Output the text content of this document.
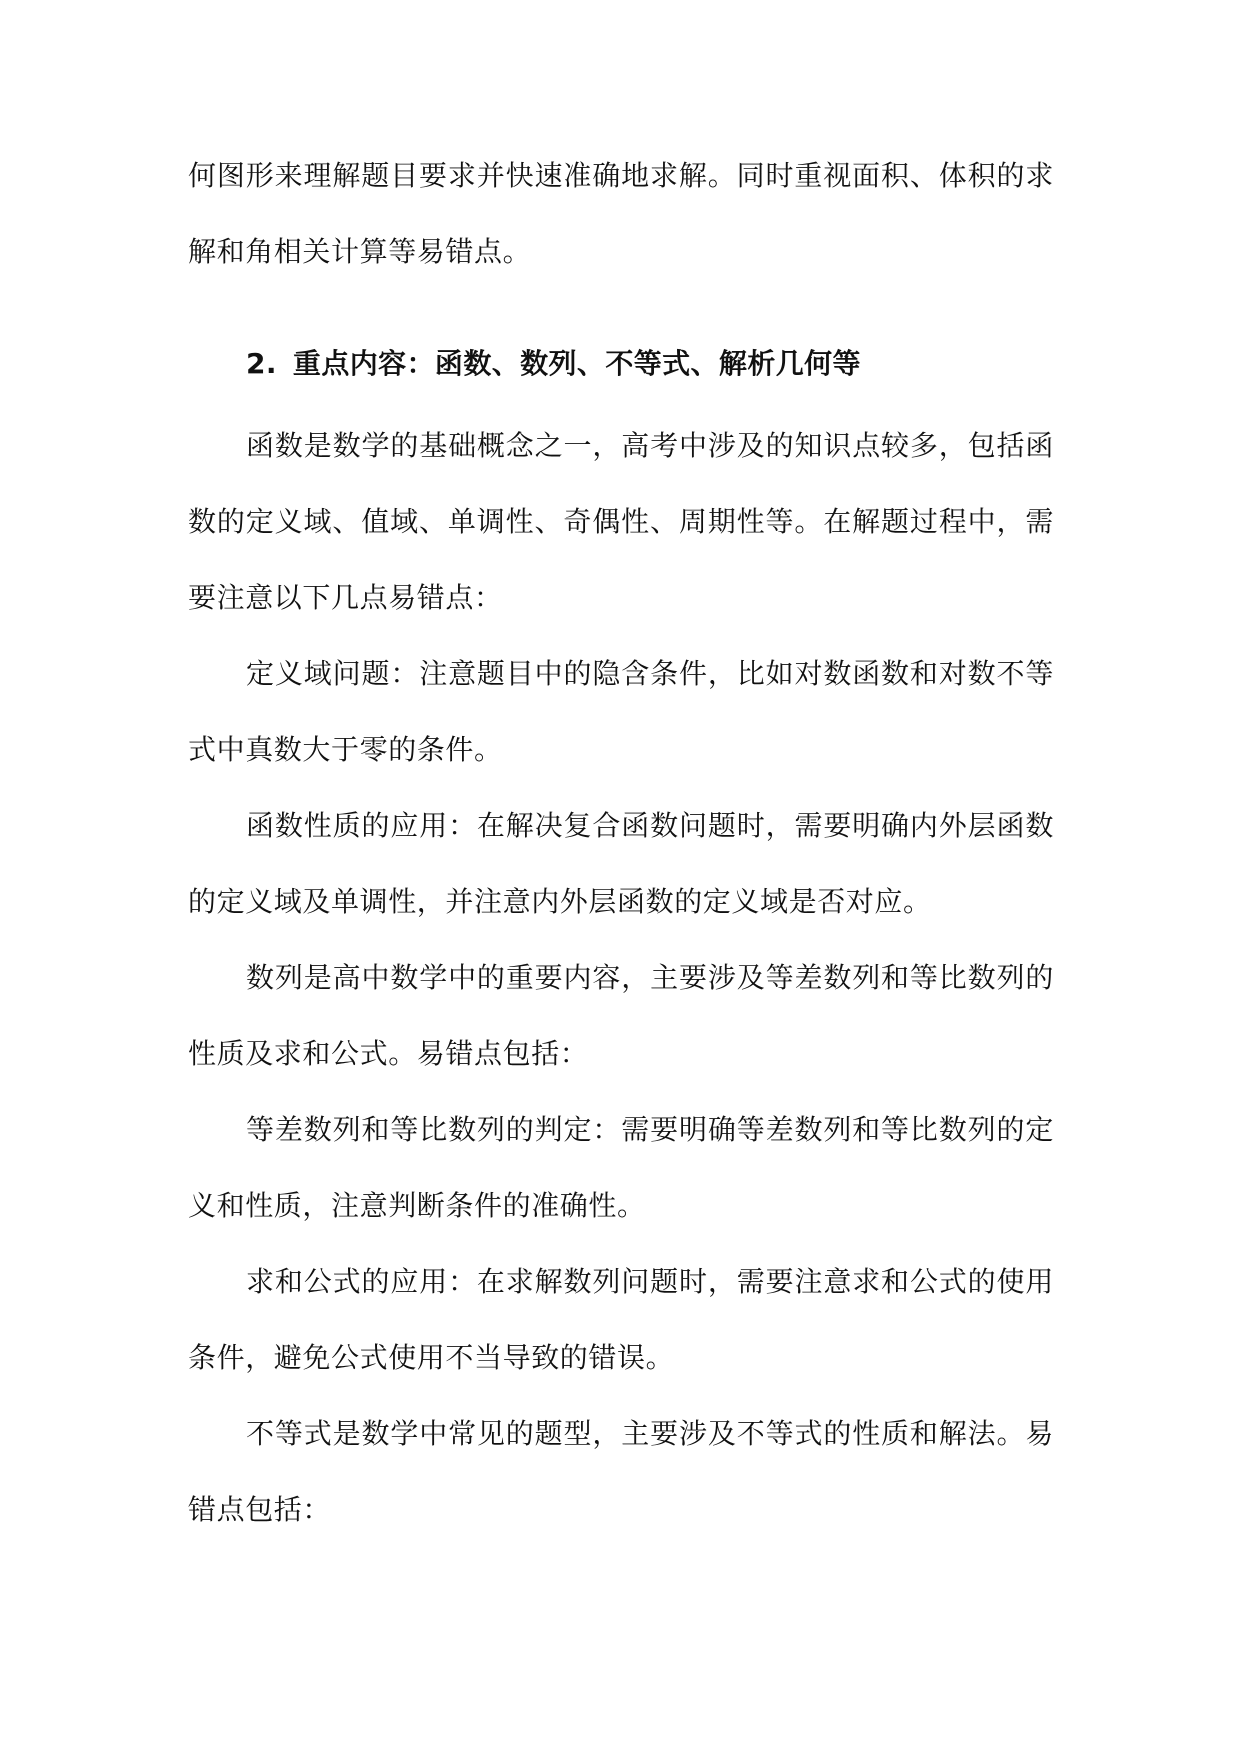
何图形来理解题目要求并快速准确地求解。同时重视面积、体积的求解和角相关计算等易错点。

2. 重点内容：函数、数列、不等式、解析几何等

函数是数学的基础概念之一，高考中涉及的知识点较多，包括函数的定义域、值域、单调性、奇偶性、周期性等。在解题过程中，需要注意以下几点易错点：

定义域问题：注意题目中的隐含条件，比如对数函数和对数不等式中真数大于零的条件。

函数性质的应用：在解决复合函数问题时，需要明确内外层函数的定义域及单调性，并注意内外层函数的定义域是否对应。

数列是高中数学中的重要内容，主要涉及等差数列和等比数列的性质及求和公式。易错点包括：

等差数列和等比数列的判定：需要明确等差数列和等比数列的定义和性质，注意判断条件的准确性。

求和公式的应用：在求解数列问题时，需要注意求和公式的使用条件，避免公式使用不当导致的错误。

不等式是数学中常见的题型，主要涉及不等式的性质和解法。易错点包括：
